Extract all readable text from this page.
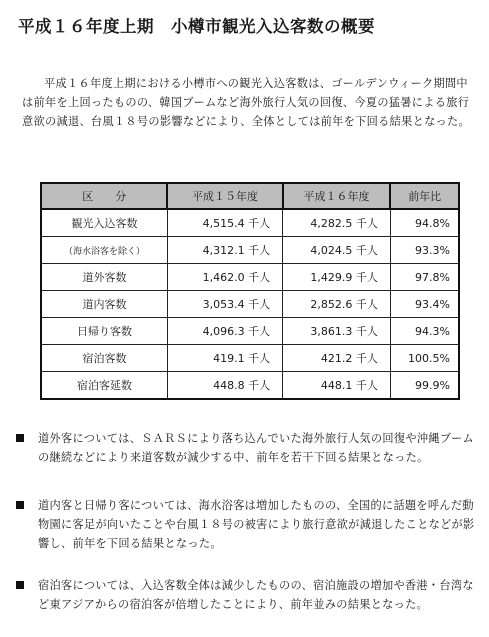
平成１６年度上期　小樽市観光入込客数の概要

平成１６年度上期における小樽市への観光入込客数は、ゴールデンウィーク期間中は前年を上回ったものの、韓国ブームなど海外旅行人気の回復、今夏の猛暑による旅行意欲の減退、台風１８号の影響などにより、全体としては前年を下回る結果となった。

区　　分	平成１５年度	平成１６年度	前年比
観光入込客数	4,515.4 千人	4,282.5 千人	94.8%
（海水浴客を除く）	4,312.1 千人	4,024.5 千人	93.3%
道外客数	1,462.0 千人	1,429.9 千人	97.8%
道内客数	3,053.4 千人	2,852.6 千人	93.4%
日帰り客数	4,096.3 千人	3,861.3 千人	94.3%
宿泊客数	419.1 千人	421.2 千人	100.5%
宿泊客延数	448.8 千人	448.1 千人	99.9%
道外客については、ＳＡＲＳにより落ち込んでいた海外旅行人気の回復や沖縄ブームの継続などにより来道客数が減少する中、前年を若干下回る結果となった。
道内客と日帰り客については、海水浴客は増加したものの、全国的に話題を呼んだ動物園に客足が向いたことや台風１８号の被害により旅行意欲が減退したことなどが影響し、前年を下回る結果となった。
宿泊客については、入込客数全体は減少したものの、宿泊施設の増加や香港・台湾など東アジアからの宿泊客が倍増したことにより、前年並みの結果となった。
